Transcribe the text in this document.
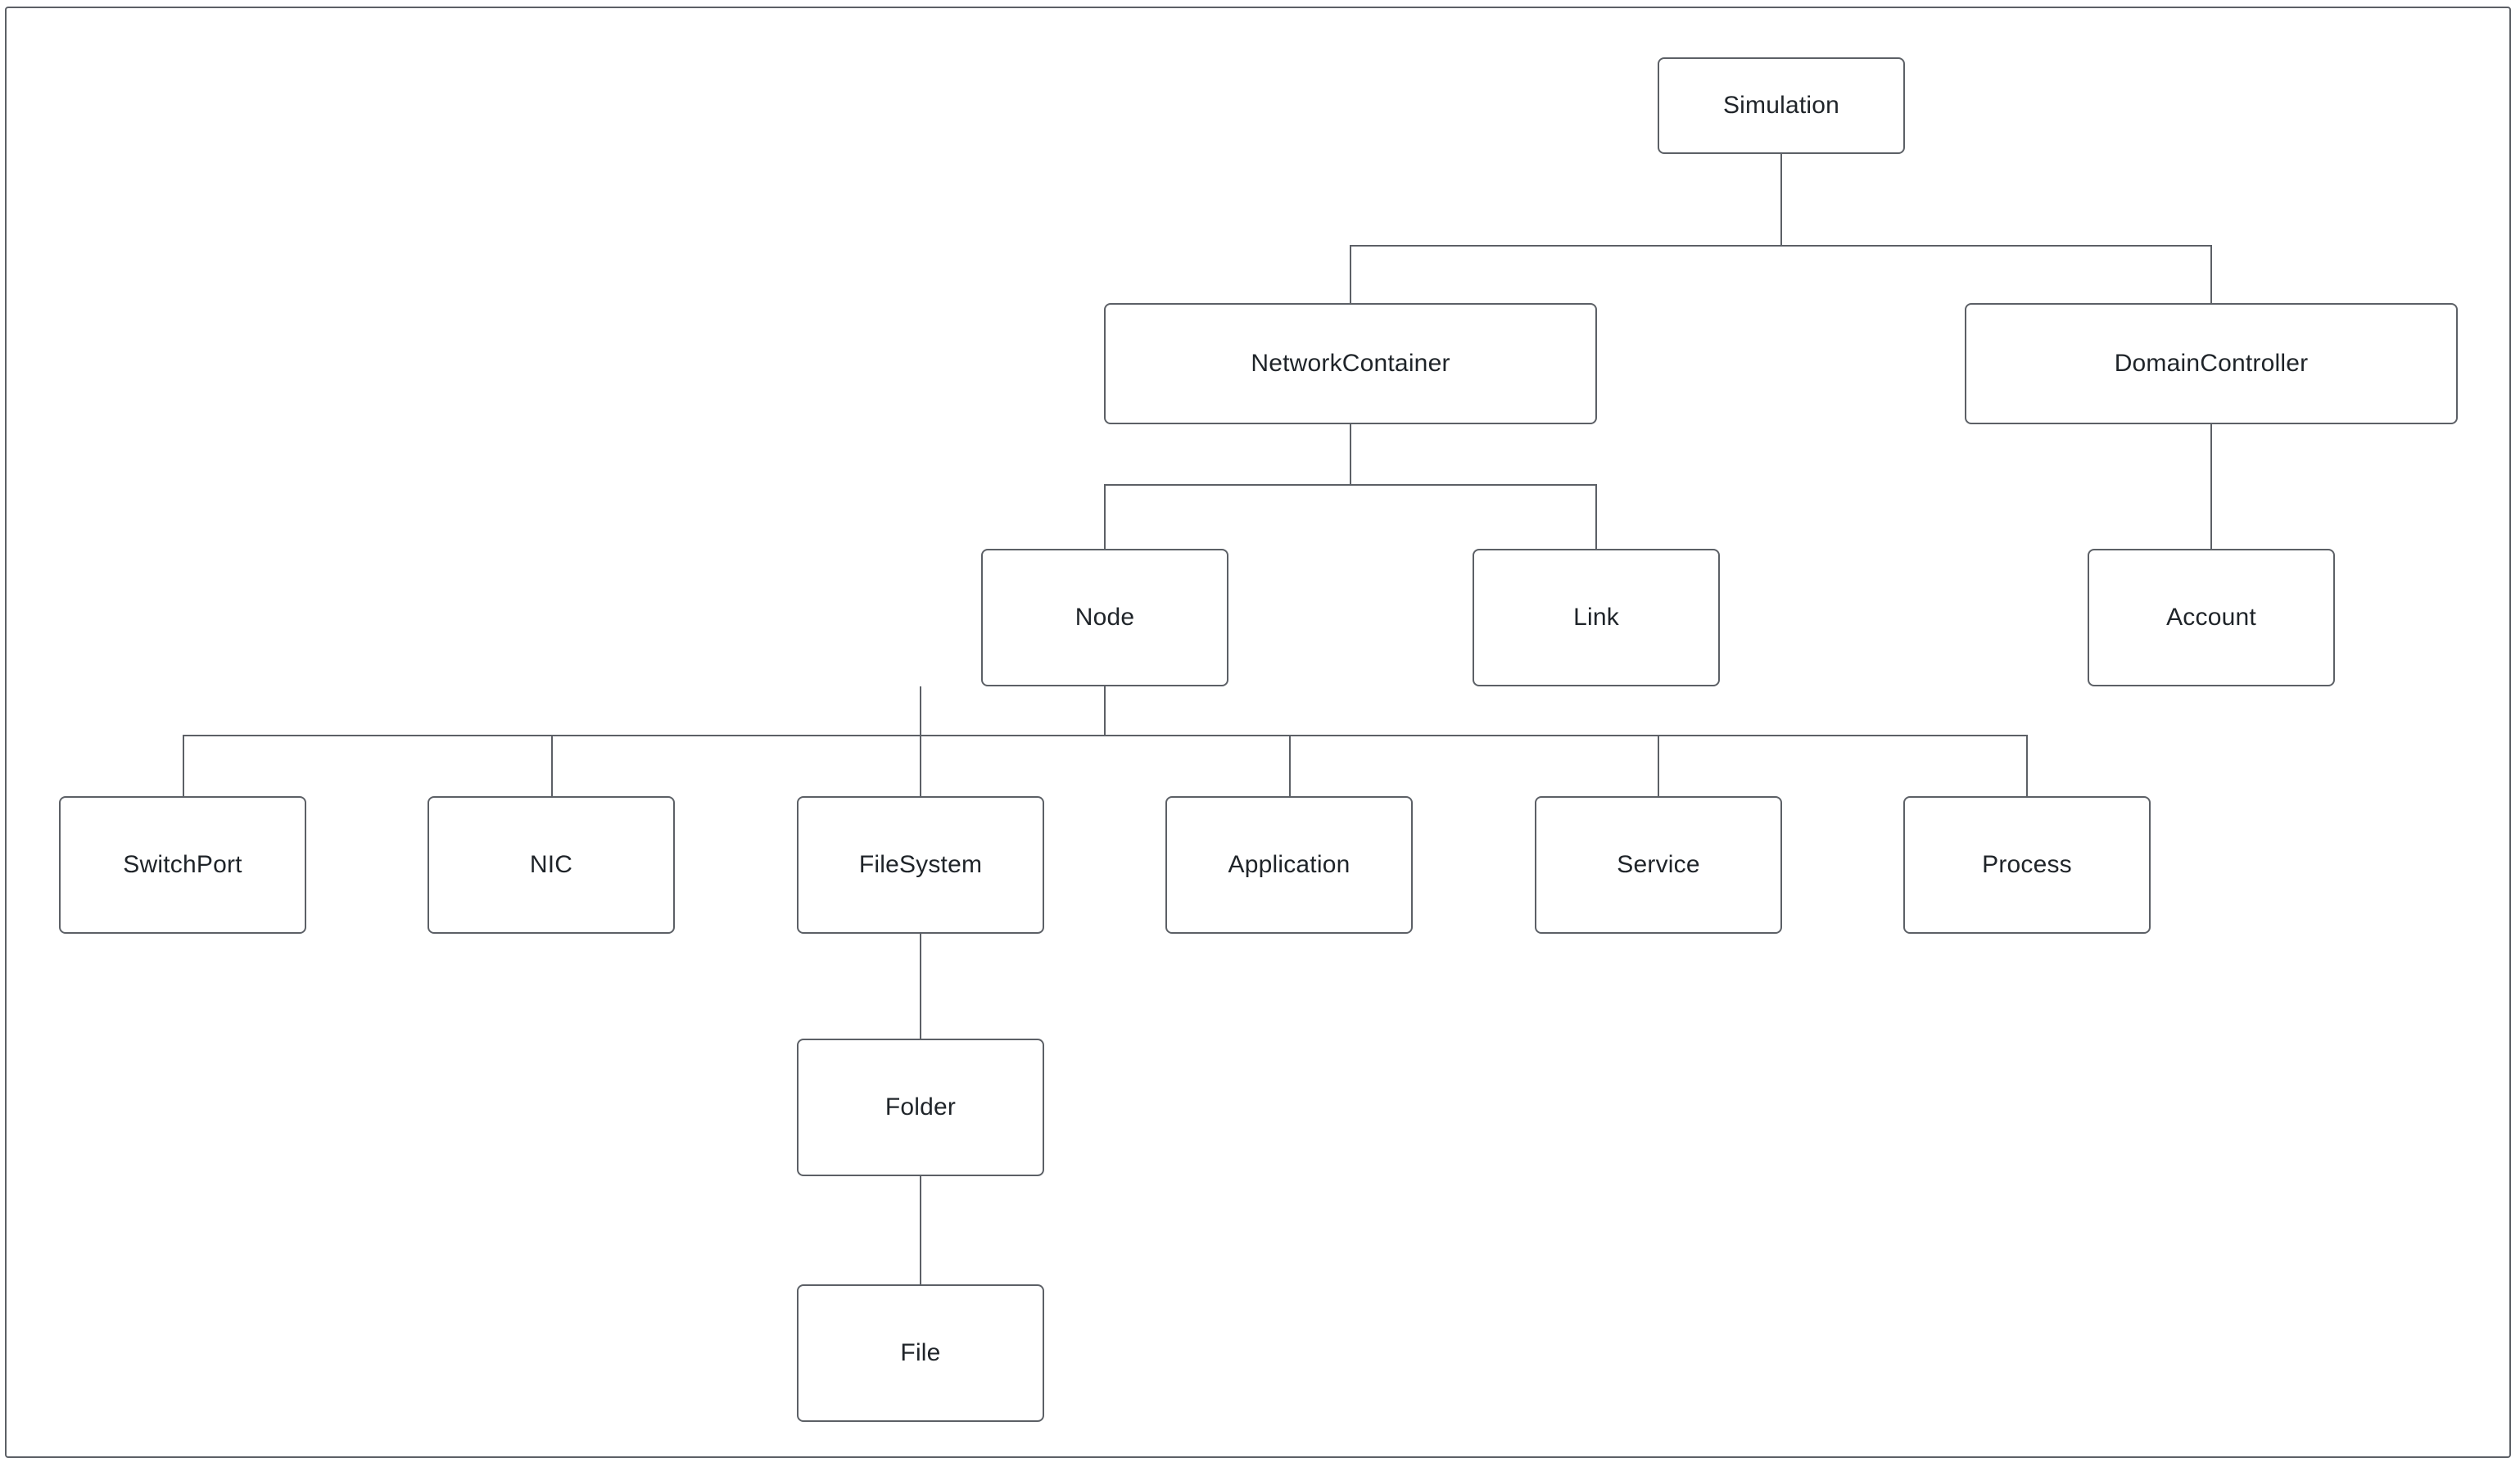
Simulation
NetworkContainer	DomainController
Node	Link	Account
SwitchPort	NIC	FileSystem	Application	Service	Process
Folder
File
